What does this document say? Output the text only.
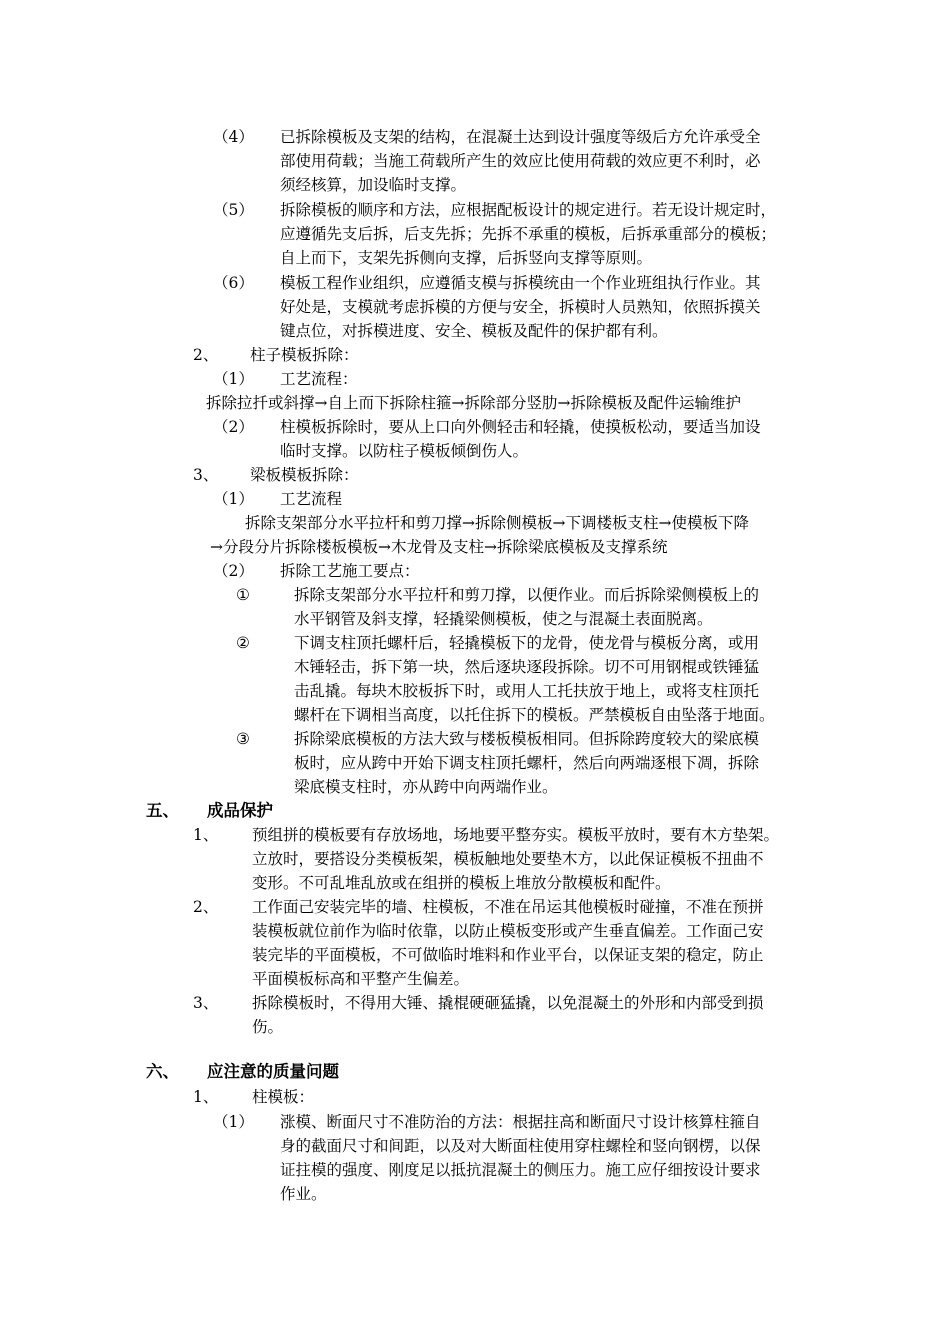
（4） 已拆除模板及支架的结构，在混凝土达到设计强度等级后方允许承受全
部使用荷载；当施工荷载所产生的效应比使用荷载的效应更不利时，必
须经核算，加设临时支撑。
（5） 拆除模板的顺序和方法，应根据配板设计的规定进行。若无设计规定时，
应遵循先支后拆，后支先拆；先拆不承重的模板，后拆承重部分的模板；
自上而下，支架先拆侧向支撑，后拆竖向支撑等原则。
（6） 模板工程作业组织，应遵循支模与拆模统由一个作业班组执行作业。其
好处是，支模就考虑拆模的方便与安全，拆模时人员熟知，依照拆摸关
键点位，对拆模进度、安全、模板及配件的保护都有利。
2、 柱子模板拆除：
（1） 工艺流程：
拆除拉扦或斜撑→自上而下拆除柱箍→拆除部分竖肋→拆除模板及配件运输维护
（2） 柱模板拆除时，要从上口向外侧轻击和轻撬，使摸板松动，要适当加设
临时支撑。以防柱子模板倾倒伤人。
3、 梁板模板拆除：
（1） 工艺流程
拆除支架部分水平拉杆和剪刀撑→拆除侧模板→下调楼板支柱→使模板下降
→分段分片拆除楼板模板→木龙骨及支柱→拆除梁底模板及支撑系统
（2） 拆除工艺施工要点：
①	拆除支架部分水平拉杆和剪刀撑，以便作业。而后拆除梁侧模板上的
水平钢管及斜支撑，轻撬梁侧模板，使之与混凝土表面脱离。
②	下调支柱顶托螺杆后，轻撬模板下的龙骨，使龙骨与模板分离，或用
木锤轻击，拆下第一块，然后逐块逐段拆除。切不可用钢棍或铁锤猛
击乱撬。每块木胶板拆下时，或用人工托扶放于地上，或将支柱顶托
螺杆在下调相当高度，以托住拆下的模板。严禁模板自由坠落于地面。
③	拆除梁底模板的方法大致与楼板模板相同。但拆除跨度较大的梁底模
板时，应从跨中开始下调支柱顶托螺杆，然后向两端逐根下凋，拆除
梁底模支柱时，亦从跨中向两端作业。
五、 成品保护
1、 预组拼的模板要有存放场地，场地要平整夯实。模板平放时，要有木方垫架。
立放时，要搭设分类模板架，模板触地处要垫木方，以此保证模板不扭曲不
变形。不可乱堆乱放或在组拼的模板上堆放分散模板和配件。
2、 工作面己安装完毕的墙、柱模板，不准在吊运其他模板时碰撞，不准在预拼
装模板就位前作为临时依靠，以防止模板变形或产生垂直偏差。工作面己安
装完毕的平面模板，不可做临时堆料和作业平台，以保证支架的稳定，防止
平面模板标高和平整产生偏差。
3、 拆除模板时，不得用大锤、撬棍硬砸猛撬，以免混凝土的外形和内部受到损
伤。
六、 应注意的质量问题
1、 柱模板：
（1） 涨模、断面尺寸不准防治的方法：根据拄高和断面尺寸设计核算柱箍自
身的截面尺寸和间距，以及对大断面柱使用穿柱螺栓和竖向钢楞，以保
证拄模的强度、刚度足以抵抗混凝土的侧压力。施工应仔细按设计要求
作业。
